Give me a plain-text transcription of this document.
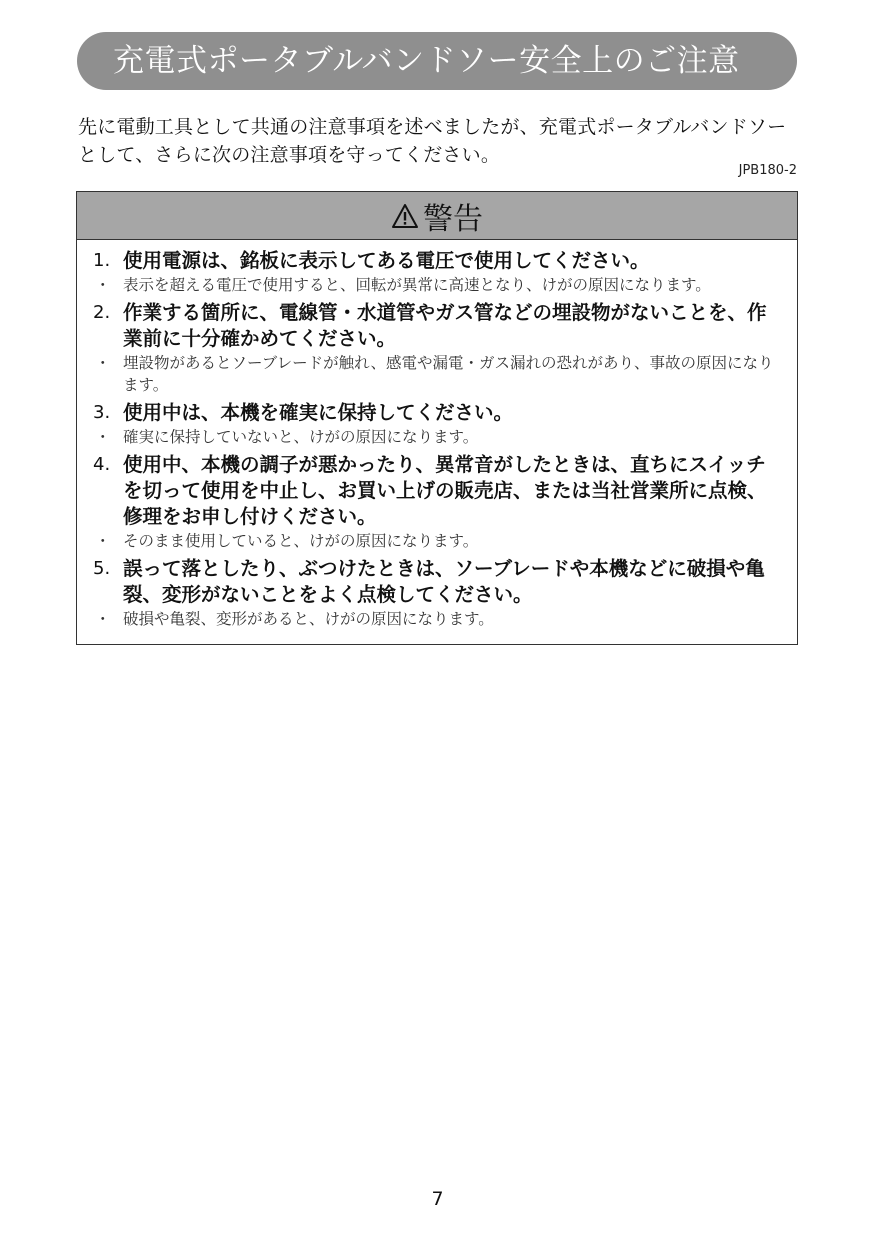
充電式ポータブルバンドソー安全上のご注意
先に電動工具として共通の注意事項を述べましたが、充電式ポータブルバンドソーとして、さらに次の注意事項を守ってください。
JPB180-2
警告
1. 使用電源は、銘板に表示してある電圧で使用してください。
・ 表示を超える電圧で使用すると、回転が異常に高速となり、けがの原因になります。
2. 作業する箇所に、電線管・水道管やガス管などの埋設物がないことを、作業前に十分確かめてください。
・ 埋設物があるとソーブレードが触れ、感電や漏電・ガス漏れの恐れがあり、事故の原因になります。
3. 使用中は、本機を確実に保持してください。
・ 確実に保持していないと、けがの原因になります。
4. 使用中、本機の調子が悪かったり、異常音がしたときは、直ちにスイッチを切って使用を中止し、お買い上げの販売店、または当社営業所に点検、修理をお申し付けください。
・ そのまま使用していると、けがの原因になります。
5. 誤って落としたり、ぶつけたときは、ソーブレードや本機などに破損や亀裂、変形がないことをよく点検してください。
・ 破損や亀裂、変形があると、けがの原因になります。
7
